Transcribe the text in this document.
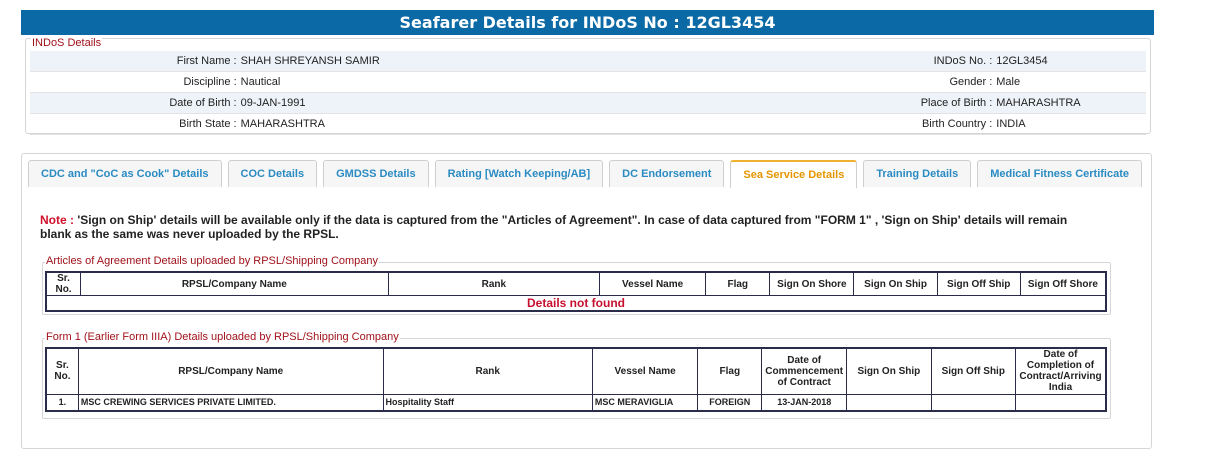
Seafarer Details for INDoS No : 12GL3454
INDoS Details
First Name : SHAH SHREYANSH SAMIR	INDoS No. : 12GL3454
Discipline : Nautical	Gender : Male
Date of Birth : 09-JAN-1991	Place of Birth : MAHARASHTRA
Birth State : MAHARASHTRA	Birth Country : INDIA
CDC and "CoC as Cook" Details	COC Details	GMDSS Details	Rating [Watch Keeping/AB]	DC Endorsement	Sea Service Details	Training Details	Medical Fitness Certificate
Note : 'Sign on Ship' details will be available only if the data is captured from the "Articles of Agreement". In case of data captured from "FORM 1" , 'Sign on Ship' details will remain blank as the same was never uploaded by the RPSL.
Articles of Agreement Details uploaded by RPSL/Shipping Company
Sr. No.	RPSL/Company Name	Rank	Vessel Name	Flag	Sign On Shore	Sign On Ship	Sign Off Ship	Sign Off Shore
Details not found
Form 1 (Earlier Form IIIA) Details uploaded by RPSL/Shipping Company
Sr. No.	RPSL/Company Name	Rank	Vessel Name	Flag	Date of Commencement of Contract	Sign On Ship	Sign Off Ship	Date of Completion of Contract/Arriving India
1.	MSC CREWING SERVICES PRIVATE LIMITED.	Hospitality Staff	MSC MERAVIGLIA	FOREIGN	13-JAN-2018			
